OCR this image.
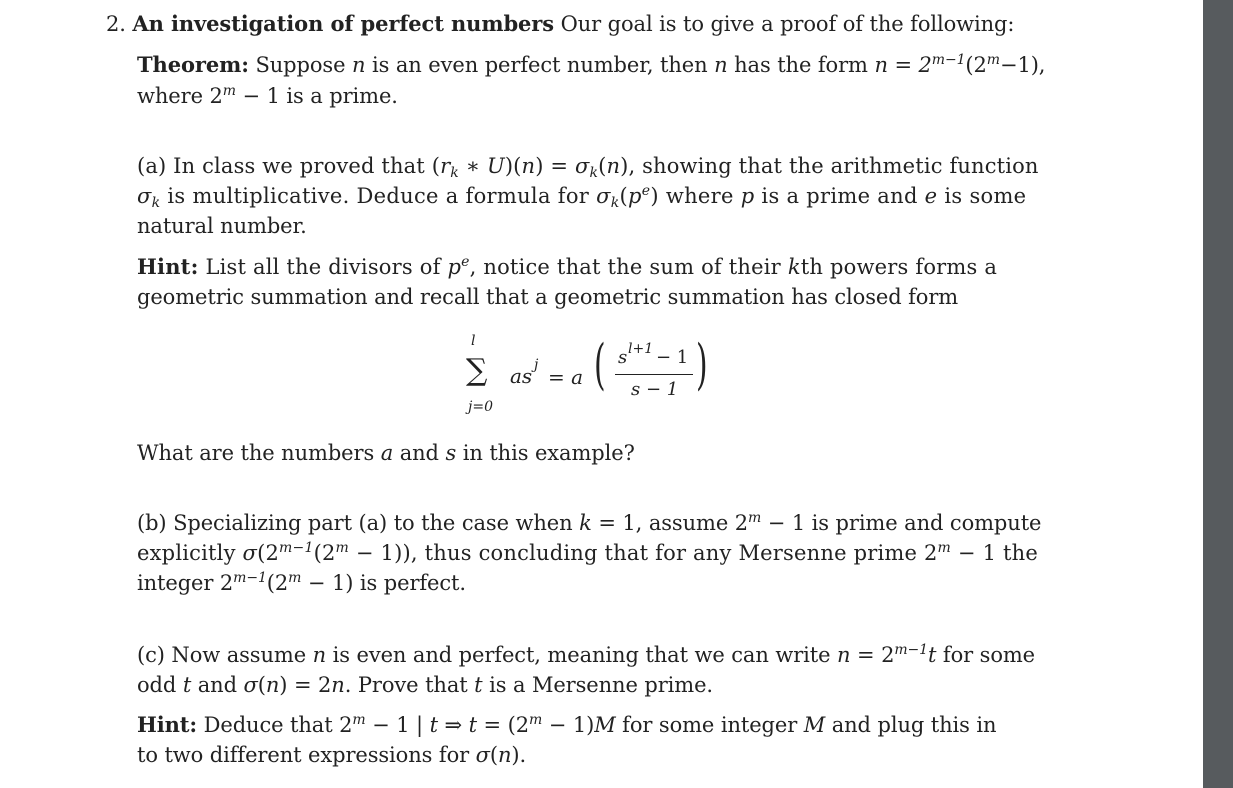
2. An investigation of perfect numbers Our goal is to give a proof of the following:
Theorem: Suppose n is an even perfect number, then n has the form $n = 2^{m-1}(2^m-1)$,
where $2^m - 1$ is a prime.
(a) In class we proved that ($r_k$ ∗ $U)(n) = \sigma_k(n)$, showing that the arithmetic function
$\sigma_k$ is multiplicative. Deduce a formula for $\sigma_k(p^e)$ where p is a prime and e is some
natural number.
Hint: List all the divisors of $p^e$, notice that the sum of their kth powers forms a
geometric summation and recall that a geometric summation has closed form
l
∑
j=0
as j = a ( s l+1 − 1
s − 1 )
What are the numbers a and s in this example?
(b) Specializing part (a) to the case when k = 1, assume $2^m - 1$ is prime and compute
explicitly $\sigma(2^{m-1}(2^m - 1))$, thus concluding that for any Mersenne prime $2^m - 1$ the
integer $2^{m-1}(2^m - 1)$ is perfect.
(c) Now assume n is even and perfect, meaning that we can write $n = 2^{m-1}t$ for some
odd t and σ(n) = 2n. Prove that t is a Mersenne prime.
Hint: Deduce that $2^m - 1$ | t ⇒ $t = (2^m - 1)M$ for some integer M and plug this in
to two different expressions for σ(n).
